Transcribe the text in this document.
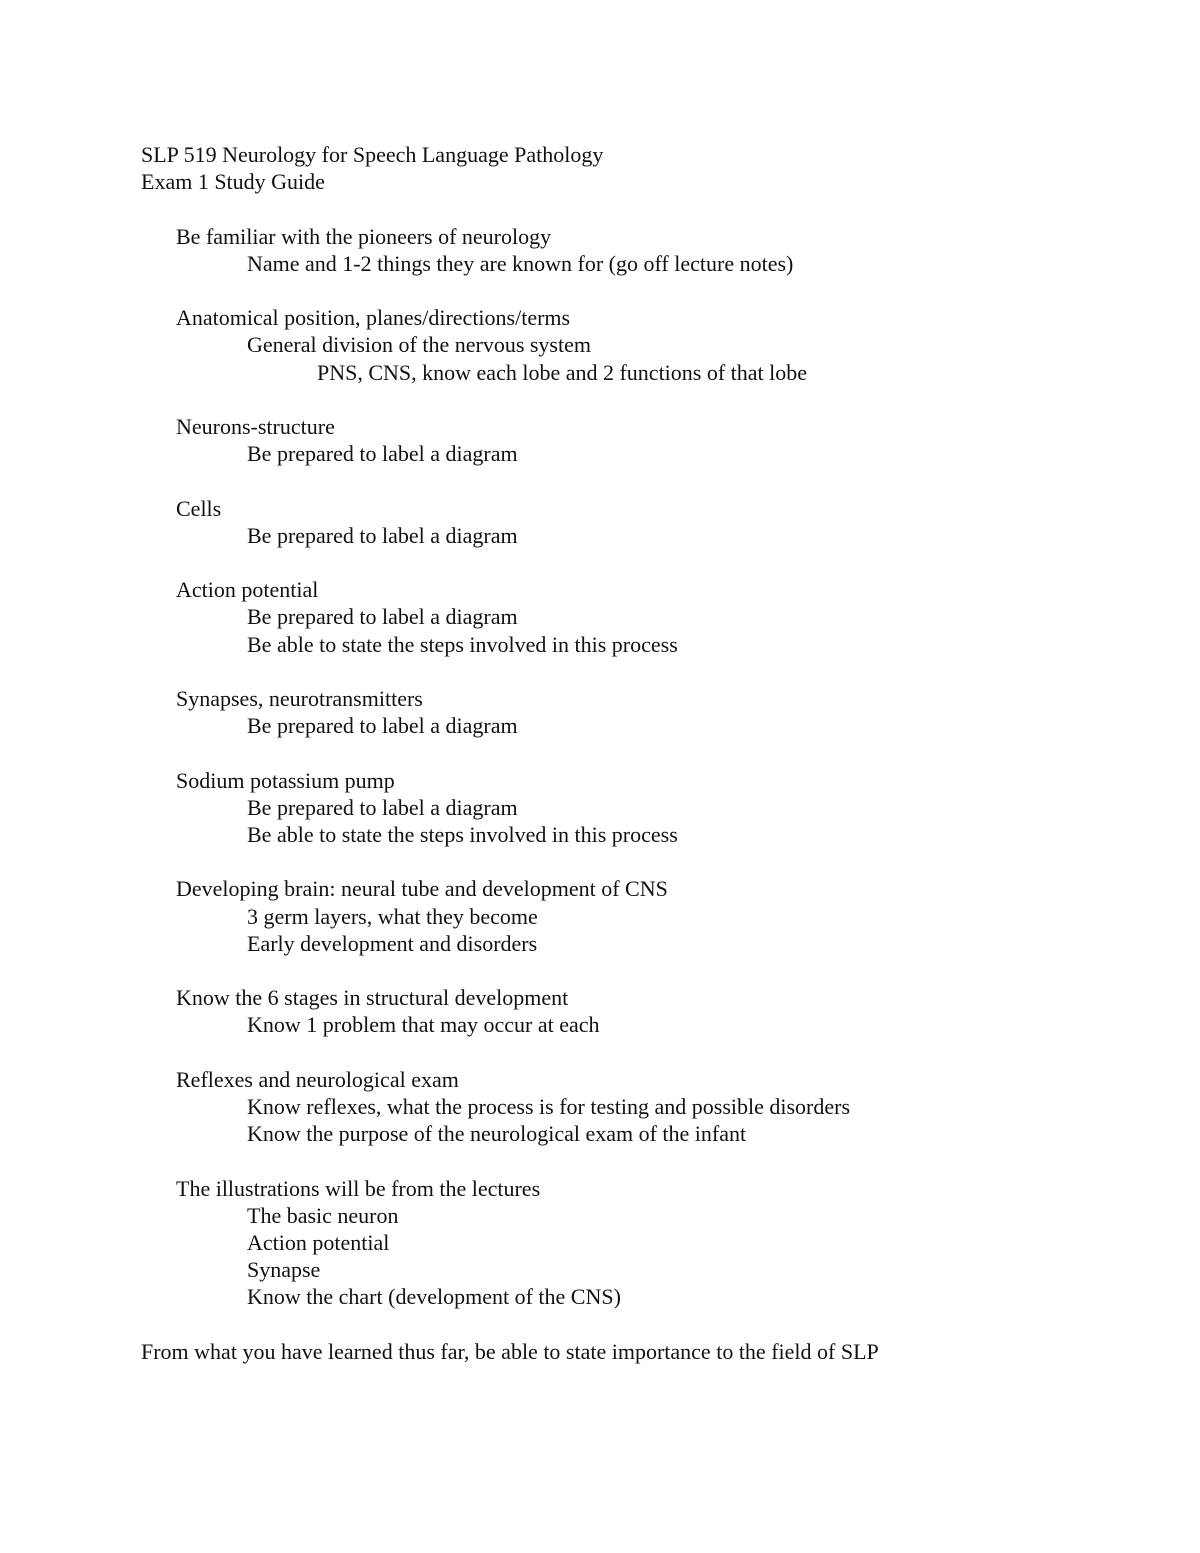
SLP 519 Neurology for Speech Language Pathology
Exam 1 Study Guide
Be familiar with the pioneers of neurology
Name and 1-2 things they are known for (go off lecture notes)
Anatomical position, planes/directions/terms
General division of the nervous system
PNS, CNS, know each lobe and 2 functions of that lobe
Neurons-structure
Be prepared to label a diagram
Cells
Be prepared to label a diagram
Action potential
Be prepared to label a diagram
Be able to state the steps involved in this process
Synapses, neurotransmitters
Be prepared to label a diagram
Sodium potassium pump
Be prepared to label a diagram
Be able to state the steps involved in this process
Developing brain: neural tube and development of CNS
3 germ layers, what they become
Early development and disorders
Know the 6 stages in structural development
Know 1 problem that may occur at each
Reflexes and neurological exam
Know reflexes, what the process is for testing and possible disorders
Know the purpose of the neurological exam of the infant
The illustrations will be from the lectures
The basic neuron
Action potential
Synapse
Know the chart (development of the CNS)
From what you have learned thus far, be able to state importance to the field of SLP
